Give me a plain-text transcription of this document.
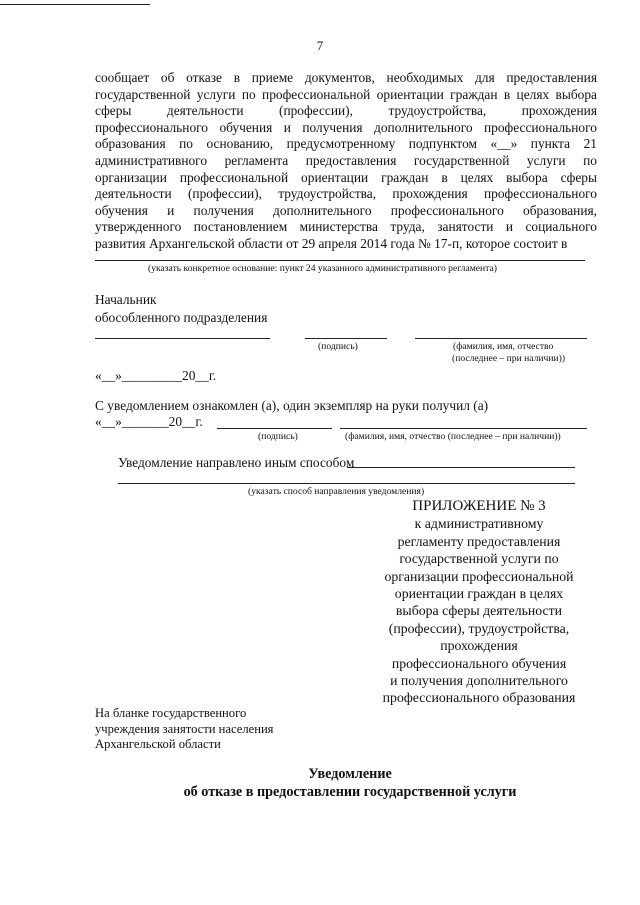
7
сообщает об отказе в приеме документов, необходимых для предоставления
государственной услуги по профессиональной ориентации граждан в целях выбора
сферы деятельности (профессии), трудоустройства, прохождения
профессионального обучения и получения дополнительного профессионального
образования по основанию, предусмотренному подпунктом «__» пункта 21
административного регламента предоставления государственной услуги по
организации профессиональной ориентации граждан в целях выбора сферы
деятельности (профессии), трудоустройства, прохождения профессионального
обучения и получения дополнительного профессионального образования,
утвержденного постановлением министерства труда, занятости и социального
развития Архангельской области от 29 апреля 2014 года № 17-п, которое состоит в
(указать конкретное основание: пункт 24 указанного административного регламента)
Начальник
обособленного подразделения
(подпись)	(фамилия, имя, отчество
(последнее – при наличии))
«__»_________20__г.
С уведомлением ознакомлен (а), один экземпляр на руки получил (а)
«__»_______20__г.
(подпись)	(фамилия, имя, отчество (последнее – при наличии))
Уведомление направлено иным способом
(указать способ направления уведомления)
ПРИЛОЖЕНИЕ № 3
к административному
регламенту предоставления
государственной услуги по
организации профессиональной
ориентации граждан в целях
выбора сферы деятельности
(профессии), трудоустройства,
прохождения
профессионального обучения
и получения дополнительного
профессионального образования
На бланке государственного
учреждения занятости населения
Архангельской области
Уведомление
об отказе в предоставлении государственной услуги
